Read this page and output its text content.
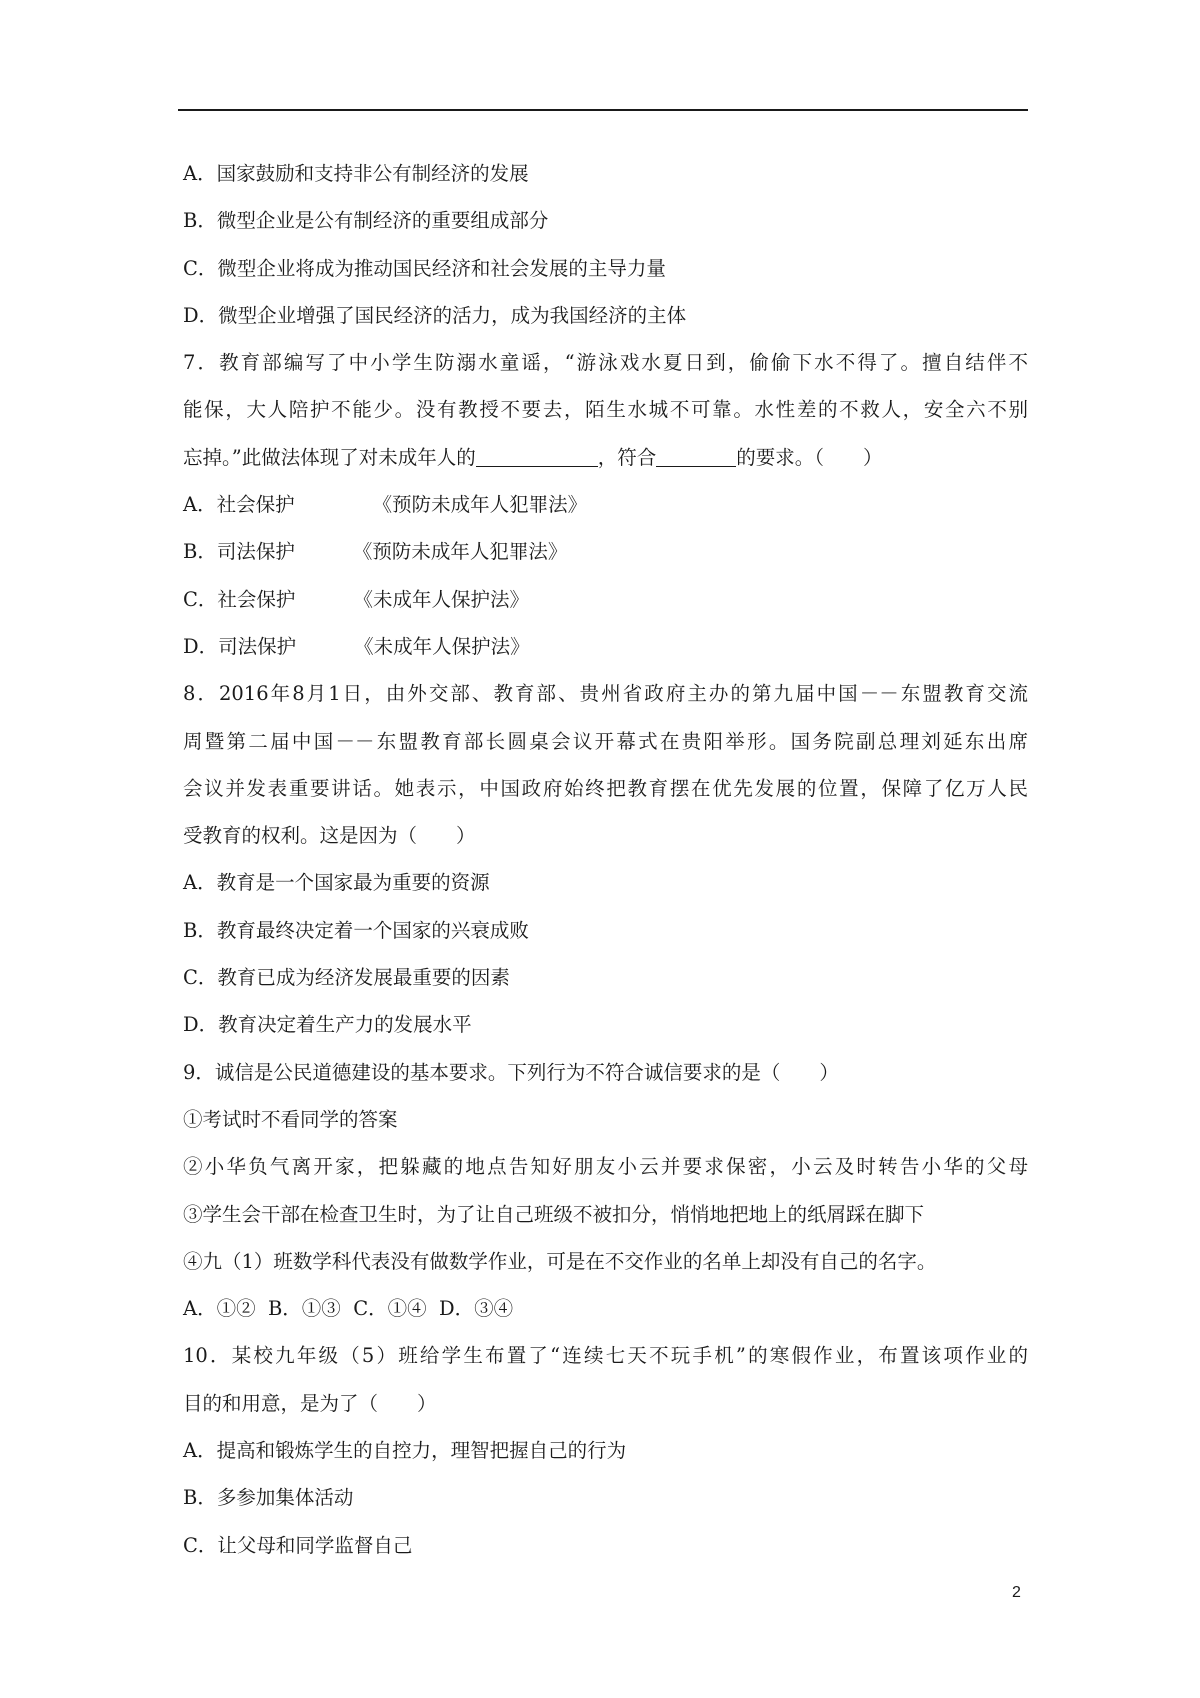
A．国家鼓励和支持非公有制经济的发展
B．微型企业是公有制经济的重要组成部分
C．微型企业将成为推动国民经济和社会发展的主导力量
D．微型企业增强了国民经济的活力，成为我国经济的主体
7．教育部编写了中小学生防溺水童谣，“游泳戏水夏日到，偷偷下水不得了。擅自结伴不
能保，大人陪护不能少。没有教授不要去，陌生水城不可靠。水性差的不救人，安全六不别
忘掉。”此做法体现了对未成年人的	，符合	的要求。（　　）
A．社会保护	《预防未成年人犯罪法》
B．司法保护	《预防未成年人犯罪法》
C．社会保护	《未成年人保护法》
D．司法保护	《未成年人保护法》
8．2016年8月1日，由外交部、教育部、贵州省政府主办的第九届中国－－东盟教育交流
周暨第二届中国－－东盟教育部长圆桌会议开幕式在贵阳举形。国务院副总理刘延东出席
会议并发表重要讲话。她表示，中国政府始终把教育摆在优先发展的位置，保障了亿万人民
受教育的权利。这是因为（　　）
A．教育是一个国家最为重要的资源
B．教育最终决定着一个国家的兴衰成败
C．教育已成为经济发展最重要的因素
D．教育决定着生产力的发展水平
9．诚信是公民道德建设的基本要求。下列行为不符合诚信要求的是（　　）
①考试时不看同学的答案
②小华负气离开家，把躲藏的地点告知好朋友小云并要求保密，小云及时转告小华的父母
③学生会干部在检查卫生时，为了让自己班级不被扣分，悄悄地把地上的纸屑踩在脚下
④九（1）班数学科代表没有做数学作业，可是在不交作业的名单上却没有自己的名字。
A．①②  B．①③  C．①④  D．③④
10．某校九年级（5）班给学生布置了“连续七天不玩手机”的寒假作业，布置该项作业的
目的和用意，是为了（　　）
A．提高和锻炼学生的自控力，理智把握自己的行为
B．多参加集体活动
C．让父母和同学监督自己
2
